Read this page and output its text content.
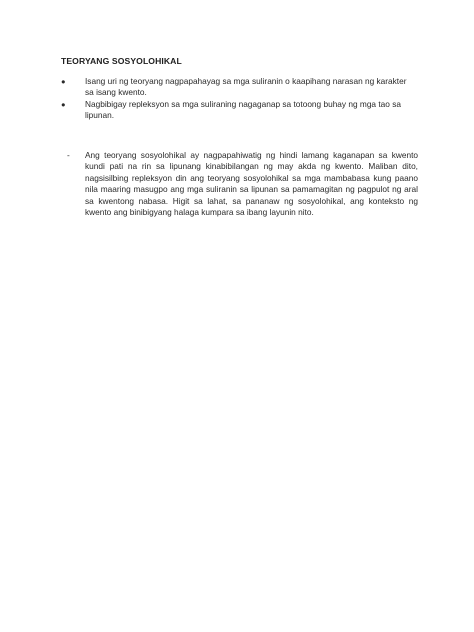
TEORYANG SOSYOLOHIKAL
●	Isang uri ng teoryang nagpapahayag sa mga suliranin o kaapihang narasan ng karakter sa isang kwento.
●	Nagbibigay repleksyon sa mga suliraning nagaganap sa totoong buhay ng mga tao sa lipunan.
- Ang teoryang sosyolohikal ay nagpapahiwatig ng hindi lamang kaganapan sa kwento kundi pati na rin sa lipunang kinabibilangan ng may akda ng kwento. Maliban dito, nagsisilbing repleksyon din ang teoryang sosyolohikal sa mga mambabasa kung paano nila maaring masugpo ang mga suliranin sa lipunan sa pamamagitan ng pagpulot ng aral sa kwentong nabasa. Higit sa lahat, sa pananaw ng sosyolohikal, ang konteksto ng kwento ang binibigyang halaga kumpara sa ibang layunin nito.
